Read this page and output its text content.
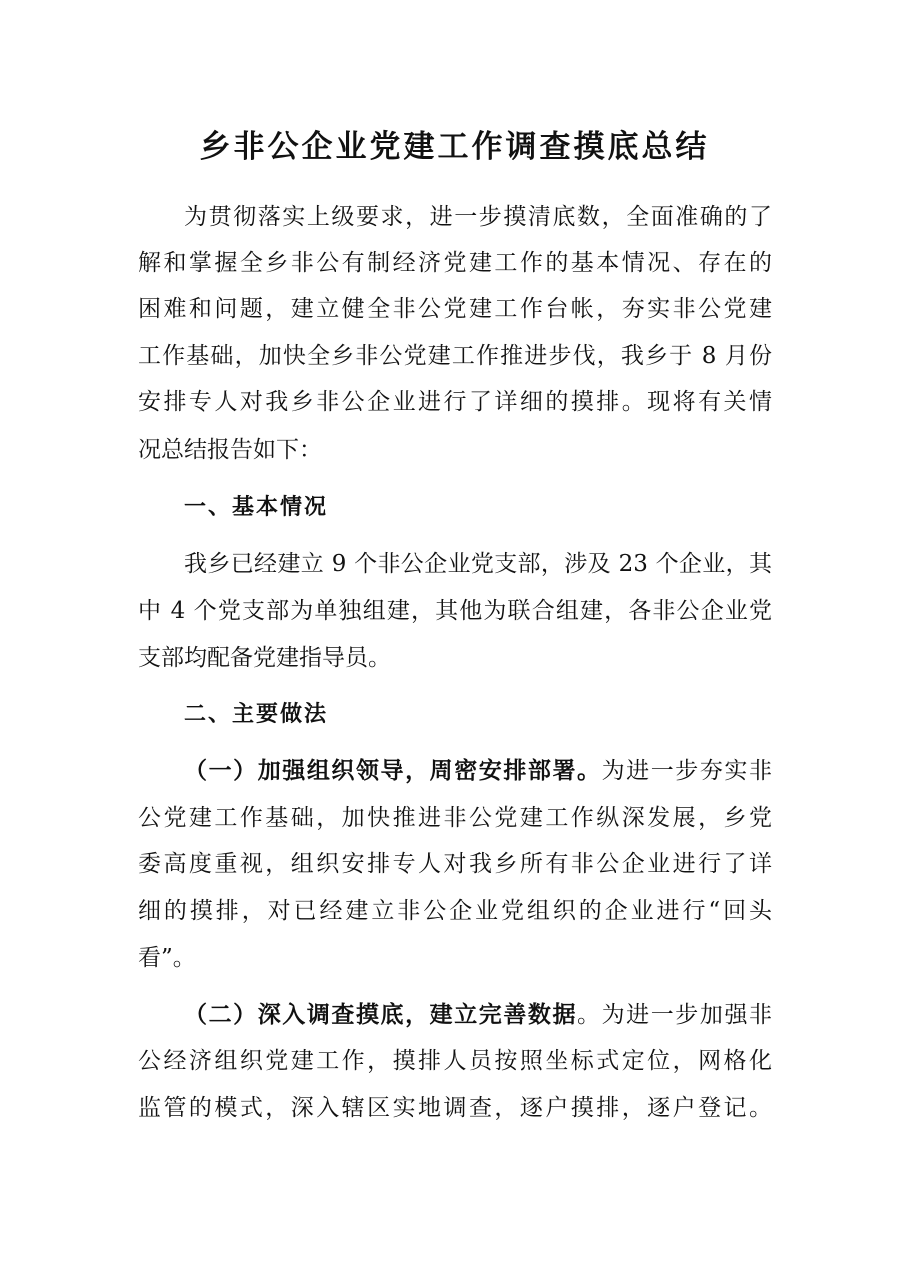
乡非公企业党建工作调查摸底总结
为贯彻落实上级要求，进一步摸清底数，全面准确的了
解和掌握全乡非公有制经济党建工作的基本情况、存在的
困难和问题，建立健全非公党建工作台帐，夯实非公党建
工作基础，加快全乡非公党建工作推进步伐，我乡于 8 月份
安排专人对我乡非公企业进行了详细的摸排。现将有关情
况总结报告如下：
一、基本情况
我乡已经建立 9 个非公企业党支部，涉及 23 个企业，其
中 4 个党支部为单独组建，其他为联合组建，各非公企业党
支部均配备党建指导员。
二、主要做法
（一）加强组织领导，周密安排部署。为进一步夯实非
公党建工作基础，加快推进非公党建工作纵深发展，乡党
委高度重视，组织安排专人对我乡所有非公企业进行了详
细的摸排，对已经建立非公企业党组织的企业进行“回头
看”。
（二）深入调查摸底，建立完善数据。为进一步加强非
公经济组织党建工作，摸排人员按照坐标式定位，网格化
监管的模式，深入辖区实地调查，逐户摸排，逐户登记。
